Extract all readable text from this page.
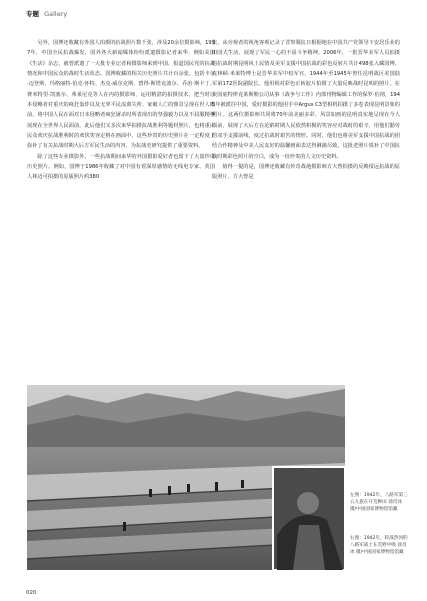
专题 Gallery

另外，国博还收藏有外国人拍摄的抗战照片数千张，涉及20余位摄影师。1937年，中国全民抗战爆发，国外各大新闻媒体纷纷派遣摄影记者来华，例如美国《生活》杂志，就曾派遣了一大批专业记者和摄影师来到中国，报道国民党的抗战情况和中国民众的战时生活状态。国博收藏的相关历史照片共计百余张。包括卡尔·迈登斯、玛格丽特·伯克·怀特、杰克·威尔克斯、碧得·斯塔克波尔、乔治·斯卡丁、赛米特里·凯塞尔、弗莱尼克等人在内的摄影师，运用精湛的拍摄技术，把当时日本侵略者对重庆的疯狂轰炸以及无辜平民流离失所、家破人亡的惨景呈现在世人眼前，将中国人民在面对日本侵略者疯狂屠杀时所表现出的坚强毅力以及不屈服精神展现在全世界人民面前。此后他们又多次来华拍摄抗战胜利等题材照片，也将重庆民众欢庆抗战胜利时的欢快笑容定格在画面中。这些珍贵的历史照片在一定程度上弥补了有关抗战时期大后方军民生活的内容，为抗战史研究提供了重要资料。

除了这些专业摄影外，一些抗战期间来华的外国摄影爱好者也留下了大量珍贵历史照片。例如，国博于1986年收藏了对中国有着深厚感情的无线电专家、英国人林迈可拍摄的原版照片约380

张，从旁观者的视角客观记录了晋察冀抗日根据地在中国共产党领导下安居乐业的田园式生活，展现了军民一心的不屈斗争精神。2006年，一批晋华美军人员拍摄的抗战时期昆明风土民情及美军支援中国抗战的彩色反转片共计498张入藏国博。克林顿·米莱特博士是晋华美军中校军官，1944年至1945年曾任昆明战区美国陆军第172医院副院长。他用相对彩色正转胶片拍摄了大量反映战时昆明的照片。在美国底特律克莱斯勒公司从事《战争与工作》内部刊物编辑工作的保罗·伯彻，1945年被派往中国，爱好摄影的他用手中Argus C3型相机拍摄了多卷表现昆明景象的照片。这两位摄影师共同将70年前美丽多彩、风景如画的昆明真实地呈现在今人面前，展现了大后方在沦陷时期人民依然积极的笑容应对战时的艰辛，用他们勤劳的双手支援前线，度过抗战时艰苦的情形。同时，他们也将美军支援中国抗战的团结合作精神及中美人民友好的温馨画面表达得淋漓尽致。这批老照片填补了中国抗战时期彩色照片的空白，成为一份珍贵的人文历史资料。

值得一提的是，国博还收藏有传奇战地摄影师方大曾拍摄的反映绥远抗战的原版照片。方大曾是

左图：1942年，八路军第三五九旅在开荒种田 徐肖冰 摄/中国国家博物馆馆藏

右图：1942年，转战热河的八路军战士在荒野中吸 徐肖冰 摄/中国国家博物馆馆藏

020
